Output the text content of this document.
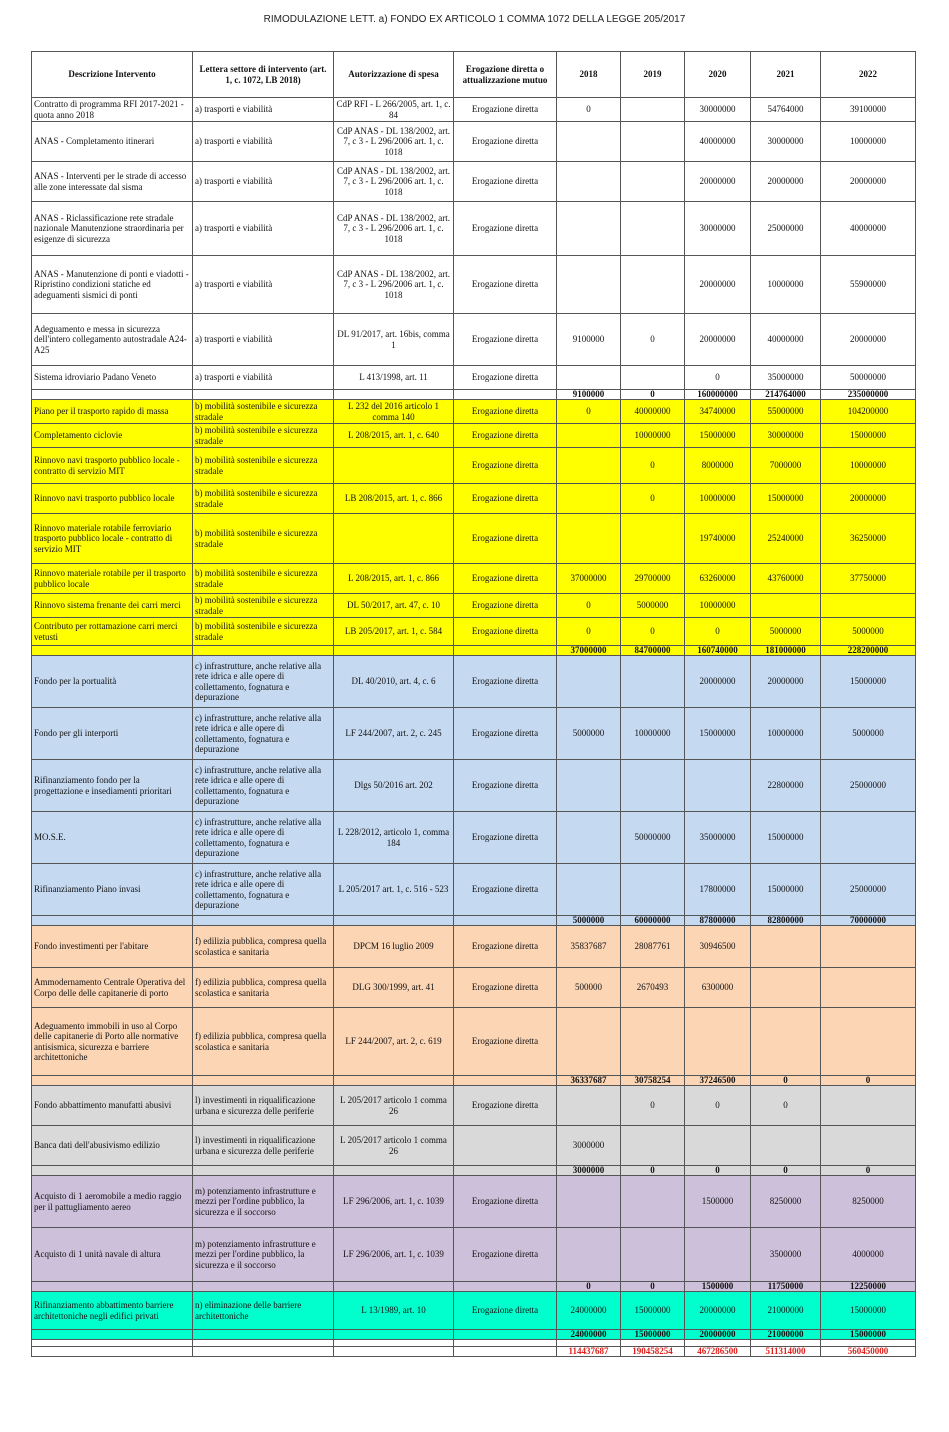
RIMODULAZIONE LETT. a) FONDO EX ARTICOLO 1 COMMA 1072 DELLA LEGGE 205/2017
Descrizione Intervento	Lettera settore di intervento (art. 1, c. 1072, LB 2018)	Autorizzazione di spesa	Erogazione diretta o attualizzazione mutuo	2018	2019	2020	2021	2022
Contratto di programma RFI 2017-2021 - quota anno 2018	a) trasporti e viabilità	CdP RFI - L 266/2005, art. 1, c. 84	Erogazione diretta	0		30000000	54764000	39100000
ANAS - Completamento itinerari	a) trasporti e viabilità	CdP ANAS - DL 138/2002, art. 7, c 3 - L 296/2006 art. 1, c. 1018	Erogazione diretta			40000000	30000000	10000000
ANAS - Interventi per le strade di accesso alle zone interessate dal sisma	a) trasporti e viabilità	CdP ANAS - DL 138/2002, art. 7, c 3 - L 296/2006 art. 1, c. 1018	Erogazione diretta			20000000	20000000	20000000
ANAS - Riclassificazione rete stradale nazionale Manutenzione straordinaria per esigenze di sicurezza	a) trasporti e viabilità	CdP ANAS - DL 138/2002, art. 7, c 3 - L 296/2006 art. 1, c. 1018	Erogazione diretta			30000000	25000000	40000000
ANAS - Manutenzione di ponti e viadotti - Ripristino condizioni statiche ed adeguamenti sismici di ponti	a) trasporti e viabilità	CdP ANAS - DL 138/2002, art. 7, c 3 - L 296/2006 art. 1, c. 1018	Erogazione diretta			20000000	10000000	55900000
Adeguamento e messa in sicurezza dell'intero collegamento autostradale A24-A25	a) trasporti e viabilità	DL 91/2017, art. 16bis, comma 1	Erogazione diretta	9100000	0	20000000	40000000	20000000
Sistema idroviario Padano Veneto	a) trasporti e viabilità	L 413/1998, art. 11	Erogazione diretta			0	35000000	50000000
				9100000	0	160000000	214764000	235000000
Piano per il trasporto rapido di massa	b) mobilità sostenibile e sicurezza stradale	L 232 del 2016 articolo 1 comma 140	Erogazione diretta	0	40000000	34740000	55000000	104200000
Completamento ciclovie	b) mobilità sostenibile e sicurezza stradale	L 208/2015, art. 1, c. 640	Erogazione diretta		10000000	15000000	30000000	15000000
Rinnovo navi trasporto pubblico locale - contratto di servizio MIT	b) mobilità sostenibile e sicurezza stradale		Erogazione diretta		0	8000000	7000000	10000000
Rinnovo navi trasporto pubblico locale	b) mobilità sostenibile e sicurezza stradale	LB 208/2015, art. 1, c. 866	Erogazione diretta		0	10000000	15000000	20000000
Rinnovo materiale rotabile ferroviario trasporto pubblico locale - contratto di servizio MIT	b) mobilità sostenibile e sicurezza stradale		Erogazione diretta			19740000	25240000	36250000
Rinnovo materiale rotabile per il trasporto pubblico locale	b) mobilità sostenibile e sicurezza stradale	L 208/2015, art. 1, c. 866	Erogazione diretta	37000000	29700000	63260000	43760000	37750000
Rinnovo sistema frenante dei carri merci	b) mobilità sostenibile e sicurezza stradale	DL 50/2017, art. 47, c. 10	Erogazione diretta	0	5000000	10000000		
Contributo per rottamazione carri merci vetusti	b) mobilità sostenibile e sicurezza stradale	LB 205/2017, art. 1, c. 584	Erogazione diretta	0	0	0	5000000	5000000
				37000000	84700000	160740000	181000000	228200000
Fondo per la portualità	c) infrastrutture, anche relative alla rete idrica e alle opere di collettamento, fognatura e depurazione	DL 40/2010, art. 4, c. 6	Erogazione diretta			20000000	20000000	15000000
Fondo per gli interporti	c) infrastrutture, anche relative alla rete idrica e alle opere di collettamento, fognatura e depurazione	LF 244/2007, art. 2, c. 245	Erogazione diretta	5000000	10000000	15000000	10000000	5000000
Rifinanziamento fondo per la progettazione e insediamenti prioritari	c) infrastrutture, anche relative alla rete idrica e alle opere di collettamento, fognatura e depurazione	Dlgs 50/2016 art. 202	Erogazione diretta				22800000	25000000
MO.S.E.	c) infrastrutture, anche relative alla rete idrica e alle opere di collettamento, fognatura e depurazione	L 228/2012, articolo 1, comma 184	Erogazione diretta		50000000	35000000	15000000	
Rifinanziamento Piano invasi	c) infrastrutture, anche relative alla rete idrica e alle opere di collettamento, fognatura e depurazione	L 205/2017 art. 1, c. 516 - 523	Erogazione diretta			17800000	15000000	25000000
				5000000	60000000	87800000	82800000	70000000
Fondo investimenti per l'abitare	f) edilizia pubblica, compresa quella scolastica e sanitaria	DPCM 16 luglio 2009	Erogazione diretta	35837687	28087761	30946500		
Ammodernamento Centrale Operativa del Corpo delle delle capitanerie di porto	f) edilizia pubblica, compresa quella scolastica e sanitaria	DLG 300/1999, art. 41	Erogazione diretta	500000	2670493	6300000		
Adeguamento immobili in uso al Corpo delle capitanerie di Porto alle normative antisismica, sicurezza e barriere architettoniche	f) edilizia pubblica, compresa quella scolastica e sanitaria	LF 244/2007, art. 2, c. 619	Erogazione diretta					
				36337687	30758254	37246500	0	0
Fondo abbattimento manufatti abusivi	l) investimenti in riqualificazione urbana e sicurezza delle periferie	L 205/2017 articolo 1 comma 26	Erogazione diretta		0	0	0	
Banca dati dell'abusivismo edilizio	l) investimenti in riqualificazione urbana e sicurezza delle periferie	L 205/2017 articolo 1 comma 26		3000000				
				3000000	0	0	0	0
Acquisto di 1 aeromobile a medio raggio per il pattugliamento aereo	m) potenziamento infrastrutture e mezzi per l'ordine pubblico, la sicurezza e il soccorso	LF 296/2006, art. 1, c. 1039	Erogazione diretta			1500000	8250000	8250000
Acquisto di 1 unità navale di altura	m) potenziamento infrastrutture e mezzi per l'ordine pubblico, la sicurezza e il soccorso	LF 296/2006, art. 1, c. 1039	Erogazione diretta				3500000	4000000
				0	0	1500000	11750000	12250000
Rifinanziamento abbattimento barriere architettoniche negli edifici privati	n) eliminazione delle barriere architettoniche	L 13/1989, art. 10	Erogazione diretta	24000000	15000000	20000000	21000000	15000000
				24000000	15000000	20000000	21000000	15000000

				114437687	190458254	467286500	511314000	560450000
